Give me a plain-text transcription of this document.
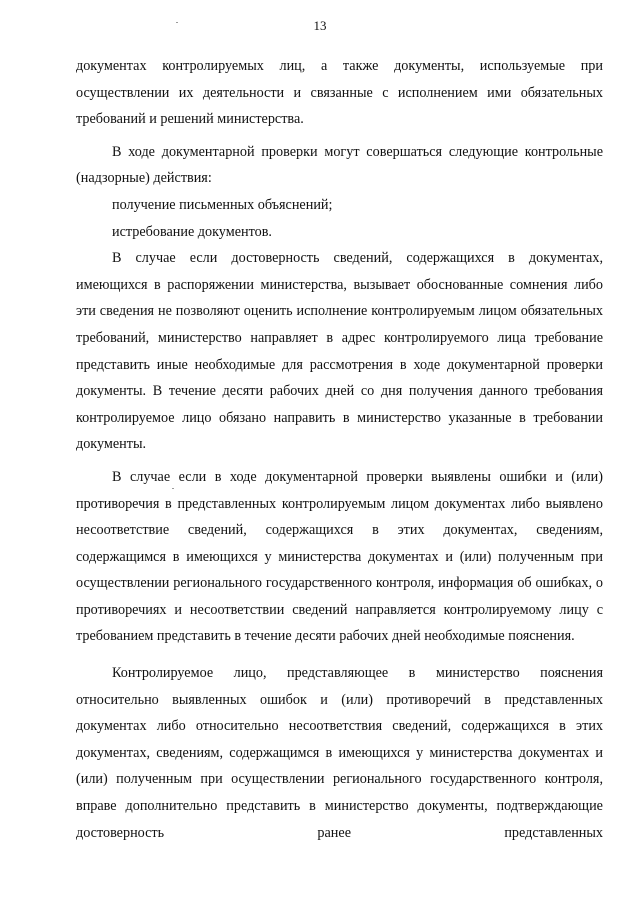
13

документах контролируемых лиц, а также документы, используемые при осуществлении их деятельности и связанные с исполнением ими обязательных требований и решений министерства.

В ходе документарной проверки могут совершаться следующие контрольные (надзорные) действия:

получение письменных объяснений;

истребование документов.

В случае если достоверность сведений, содержащихся в документах, имеющихся в распоряжении министерства, вызывает обоснованные сомнения либо эти сведения не позволяют оценить исполнение контролируемым лицом обязательных требований, министерство направляет в адрес контролируемого лица требование представить иные необходимые для рассмотрения в ходе документарной проверки документы. В течение десяти рабочих дней со дня получения данного требования контролируемое лицо обязано направить в министерство указанные в требовании документы.

В случае если в ходе документарной проверки выявлены ошибки и (или) противоречия в представленных контролируемым лицом документах либо выявлено несоответствие сведений, содержащихся в этих документах, сведениям, содержащимся в имеющихся у министерства документах и (или) полученным при осуществлении регионального государственного контроля, информация об ошибках, о противоречиях и несоответствии сведений направляется контролируемому лицу с требованием представить в течение десяти рабочих дней необходимые пояснения.

Контролируемое лицо, представляющее в министерство пояснения относительно выявленных ошибок и (или) противоречий в представленных документах либо относительно несоответствия сведений, содержащихся в этих документах, сведениям, содержащимся в имеющихся у министерства документах и (или) полученным при осуществлении регионального государственного контроля, вправе дополнительно представить в министерство документы, подтверждающие достоверность ранее представленных
